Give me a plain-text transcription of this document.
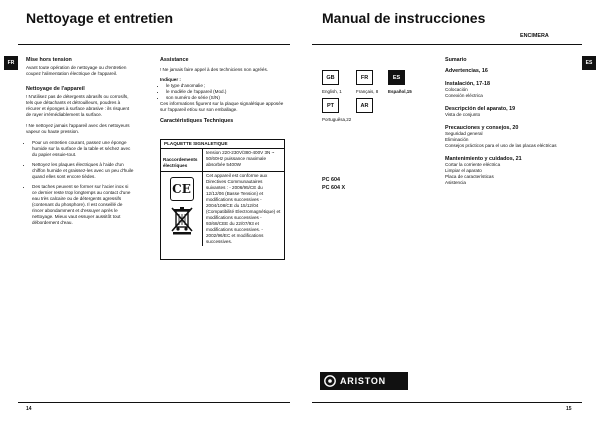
Nettoyage et entretien
FR	Mise hors tension
Avant toute opération de nettoyage ou d'entretien coupez l'alimentation électrique de l'appareil.
Nettoyage de l'appareil
! N'utilisez pas de détergents abrasifs ou corrosifs, tels que détachants et détrouilleurs, poudres à récurer et éponges à surface abrasive : ils risquent de rayer irrémédiablement la surface.
! Ne nettoyez jamais l'appareil avec des nettoyeurs vapeur ou haute pression.
• Pour un entretien courant, passez une éponge humide sur la surface de la table et séchez avec du papier essuie-tout.
• Nettoyez les plaques électriques à l'aide d'un chiffon humide et graissez-les avec un peu d'huile quand elles sont encore tièdes.
• Des taches peuvent se former sur l'acier inox si ce dernier reste trop longtemps au contact d'une eau très calcaire ou de détergents agressifs (contenant du phosphore). Il est conseillé de rincer abondamment et d'essuyer après le nettoyage. Mieux vaut essuyer aussitôt tout débordement d'eau.
Assistance
! Ne jamais faire appel à des techniciens non agréés.
Indiquer :
• le type d'anomalie ;
• le modèle de l'appareil (Mod.)
• son numéro de série (S/N)
Ces informations figurent sur la plaque signalétique apposée sur l'appareil et/ou sur son emballage.
Caractéristiques Techniques
PLAQUETTE SIGNALETIQUE
Raccordements électriques
tension 220-230V/380-400V 3N ~ 50/60Hz puissance maximale absorbée 5400W
CE
Cet appareil est conforme aux Directives Communautaires suivantes : - 2006/95/CE du 12/12/06 (Basse Tension) et modifications successives - 2004/108/CE du 15/12/04 (Compatibilité Electromagnétique) et modifications successives - 93/68/CEE du 22/07/93 et modifications successives. - 2002/96/EC et modifications successives.
14
Manual de instrucciones
ENCIMERA
ES
GB	FR	ES
English, 1	Français, 8 Español,15
PT	AR
Portuguêsa,22
PC 604
PC 604 X
Sumario
Advertencias, 16
Instalación, 17-18
Colocación
Conexión eléctrica
Descripción del aparato, 19
Vista de conjunto
Precauciones y consejos, 20
Seguridad general
Eliminación
Consejos prácticos para el uso de las placas eléctricas
Mantenimiento y cuidados, 21
Cortar la corriente eléctrica
Limpiar el aparato
Placa de características
Asistencia
ARISTON
15
